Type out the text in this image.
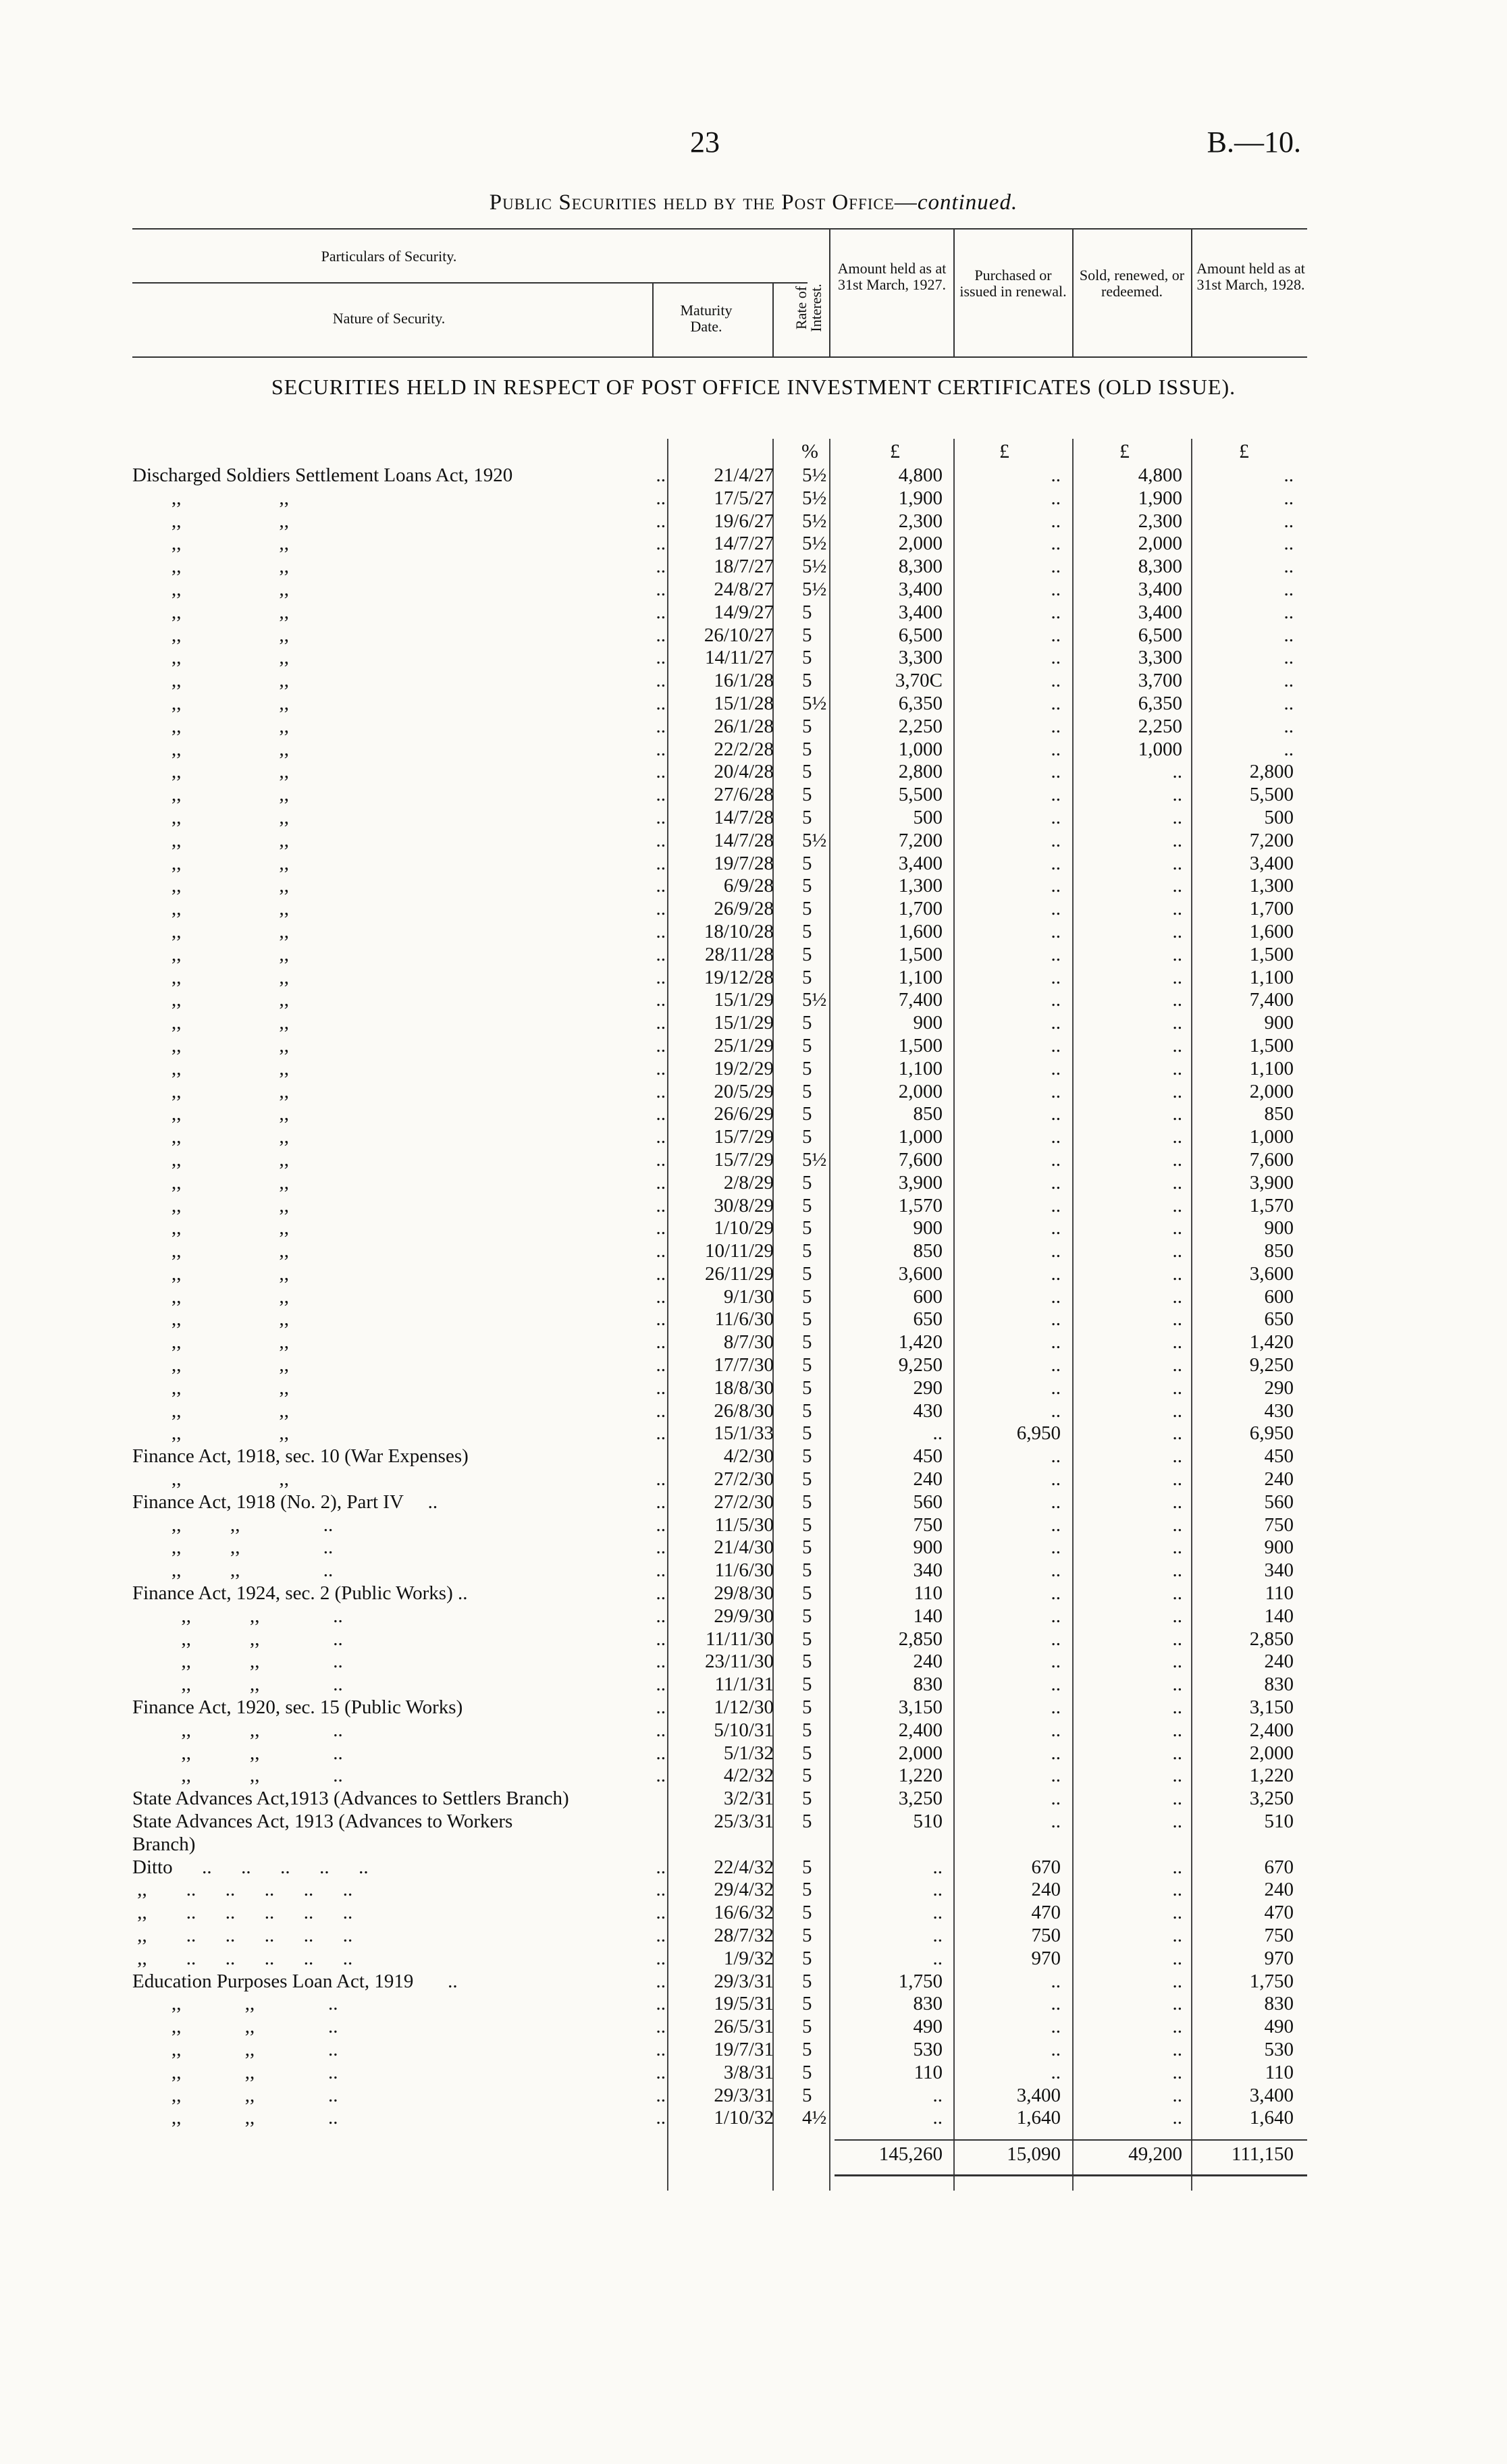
23	B.—10.
Public Securities held by the Post Office—continued.
Particulars of Security.
Nature of Security.	Maturity Date.	Rate of Interest.
Amount held as at 31st March, 1927.
Purchased or issued in renewal.
Sold, renewed, or redeemed.
Amount held as at 31st March, 1928.
SECURITIES HELD IN RESPECT OF POST OFFICE INVESTMENT CERTIFICATES (OLD ISSUE).
%	£	£	£	£
Discharged Soldiers Settlement Loans Act, 1920	..	21/4/27 5½	4,800	..	4,800	..
,,                    ,,	..	17/5/27 5½	1,900	..	1,900	..
,,                    ,,	..	19/6/27 5½	2,300	..	2,300	..
,,                    ,,	..	14/7/27 5½	2,000	..	2,000	..
,,                    ,,	..	18/7/27 5½	8,300	..	8,300	..
,,                    ,,	..	24/8/27 5½	3,400	..	3,400	..
,,                    ,,	..	14/9/27 5	3,400	..	3,400	..
,,                    ,,	..	26/10/27 5	6,500	..	6,500	..
,,                    ,,	..	14/11/27 5	3,300	..	3,300	..
,,                    ,,	..	16/1/28 5	3,70C	..	3,700	..
,,                    ,,	..	15/1/28 5½	6,350	..	6,350	..
,,                    ,,	..	26/1/28 5	2,250	..	2,250	..
,,                    ,,	..	22/2/28 5	1,000	..	1,000	..
,,                    ,,	..	20/4/28 5	2,800	..	..	2,800
,,                    ,,	..	27/6/28 5	5,500	..	..	5,500
,,                    ,,	..	14/7/28 5	500	..	..	500
,,                    ,,	..	14/7/28 5½	7,200	..	..	7,200
,,                    ,,	..	19/7/28 5	3,400	..	..	3,400
,,                    ,,	..	6/9/28 5	1,300	..	..	1,300
,,                    ,,	..	26/9/28 5	1,700	..	..	1,700
,,                    ,,	..	18/10/28 5	1,600	..	..	1,600
,,                    ,,	..	28/11/28 5	1,500	..	..	1,500
,,                    ,,	..	19/12/28 5	1,100	..	..	1,100
,,                    ,,	..	15/1/29 5½	7,400	..	..	7,400
,,                    ,,	..	15/1/29 5	900	..	..	900
,,                    ,,	..	25/1/29 5	1,500	..	..	1,500
,,                    ,,	..	19/2/29 5	1,100	..	..	1,100
,,                    ,,	..	20/5/29 5	2,000	..	..	2,000
,,                    ,,	..	26/6/29 5	850	..	..	850
,,                    ,,	..	15/7/29 5	1,000	..	..	1,000
,,                    ,,	..	15/7/29 5½	7,600	..	..	7,600
,,                    ,,	..	2/8/29 5	3,900	..	..	3,900
,,                    ,,	..	30/8/29 5	1,570	..	..	1,570
,,                    ,,	..	1/10/29 5	900	..	..	900
,,                    ,,	..	10/11/29 5	850	..	..	850
,,                    ,,	..	26/11/29 5	3,600	..	..	3,600
,,                    ,,	..	9/1/30 5	600	..	..	600
,,                    ,,	..	11/6/30 5	650	..	..	650
,,                    ,,	..	8/7/30 5	1,420	..	..	1,420
,,                    ,,	..	17/7/30 5	9,250	..	..	9,250
,,                    ,,	..	18/8/30 5	290	..	..	290
,,                    ,,	..	26/8/30 5	430	..	..	430
,,                    ,,	..	15/1/33 5	..	6,950	..	6,950
Finance Act, 1918, sec. 10 (War Expenses)	4/2/30 5	450	..	..	450
,,                    ,,	..	27/2/30 5	240	..	..	240
Finance Act, 1918 (No. 2), Part IV     ..	..	27/2/30 5	560	..	..	560
,,          ,,                 ..	..	11/5/30 5	750	..	..	750
,,          ,,                 ..	..	21/4/30 5	900	..	..	900
,,          ,,                 ..	..	11/6/30 5	340	..	..	340
Finance Act, 1924, sec. 2 (Public Works) ..	..	29/8/30 5	110	..	..	110
,,            ,,               ..	..	29/9/30 5	140	..	..	140
,,            ,,               ..	..	11/11/30 5	2,850	..	..	2,850
,,            ,,               ..	..	23/11/30 5	240	..	..	240
,,            ,,               ..	..	11/1/31 5	830	..	..	830
Finance Act, 1920, sec. 15 (Public Works)	..	1/12/30 5	3,150	..	..	3,150
,,            ,,               ..	..	5/10/31 5	2,400	..	..	2,400
,,            ,,               ..	..	5/1/32 5	2,000	..	..	2,000
,,            ,,               ..	..	4/2/32 5	1,220	..	..	1,220
State Advances Act,1913 (Advances to Settlers Branch)	3/2/31 5	3,250	..	..	3,250
State Advances Act, 1913 (Advances to Workers	25/3/31 5	510	..	..	510
Branch)
Ditto      ..      ..      ..      ..      ..	..	22/4/32 5	..	670	..	670
,,        ..      ..      ..      ..      ..	..	29/4/32 5	..	240	..	240
,,        ..      ..      ..      ..      ..	..	16/6/32 5	..	470	..	470
,,        ..      ..      ..      ..      ..	..	28/7/32 5	..	750	..	750
,,        ..      ..      ..      ..      ..	..	1/9/32 5	..	970	..	970
Education Purposes Loan Act, 1919       ..	..	29/3/31 5	1,750	..	..	1,750
,,             ,,               ..	..	19/5/31 5	830	..	..	830
,,             ,,               ..	..	26/5/31 5	490	..	..	490
,,             ,,               ..	..	19/7/31 5	530	..	..	530
,,             ,,               ..	..	3/8/31 5	110	..	..	110
,,             ,,               ..	..	29/3/31 5	..	3,400	..	3,400
,,             ,,               ..	..	1/10/32 4½	..	1,640	..	1,640
145,260	15,090	49,200	111,150
